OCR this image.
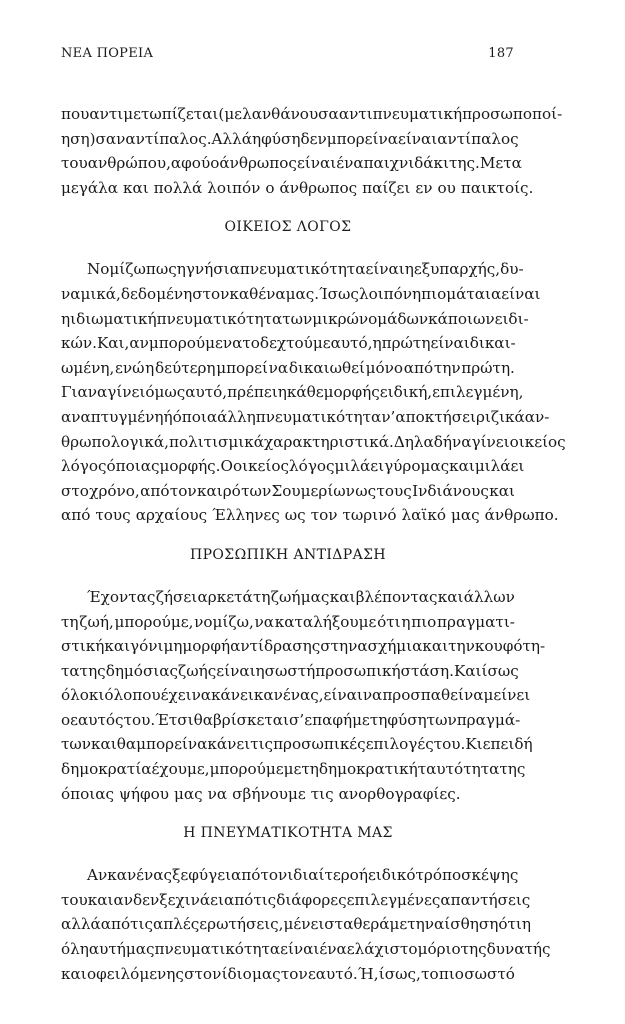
ΝΕΑ ΠΟΡΕΙΑ	187
που αντιμετωπίζεται (με λανθάνουσα αντιπνευματική προσωποποί-
ηση) σαν αντίπαλος. Αλλά η φύση δεν μπορεί να είναι αντίπαλος
του ανθρώπου, αφού ο άνθρωπος είναι ένα παιχνιδάκι της. Με τα
μεγάλα και πολλά λοιπόν ο άνθρωπος παίζει εν ου παικτοίς.
ΟΙΚΕΙΟΣ ΛΟΓΟΣ
Νομίζω πως η γνήσια πνευματικότητα είναι η εξ υπαρχής, δυ-
ναμικά, δεδομένη στον καθένα μας. Ίσως λοιπόν η πιο μάταια είναι
η ιδιωματική πνευματικότητα των μικρών ομάδων κάποιων ειδι-
κών. Και, αν μπορούμε να το δεχτούμε αυτό, η πρώτη είναι δικαι-
ωμένη, ενώ η δεύτερη μπορεί να δικαιωθεί μόνο από την πρώτη.
Για να γίνει όμως αυτό, πρέπει η κάθε μορφής ειδική, επιλεγμένη,
αναπτυγμένη ή όποια άλλη πνευματικότητα ν’ αποκτήσει ριζικά αν-
θρωπολογικά, πολιτισμικά χαρακτηριστικά. Δηλαδή να γίνει οικείος
λόγος όποιας μορφής. Ο οικείος λόγος μιλάει γύρο μας και μιλάει
στο χρόνο, από τον καιρό των Σουμερίων ως τους Ινδιάνους και
από τους αρχαίους Έλληνες ως τον τωρινό λαϊκό μας άνθρωπο.
ΠΡΟΣΩΠΙΚΗ ΑΝΤΙΔΡΑΣΗ
Έχοντας ζήσει αρκετά τη ζωή μας και βλέποντας και άλλων
τη ζωή, μπορούμε, νομίζω, να καταλήξουμε ότι η πιο πραγματι-
στική και γόνιμη μορφή αντίδρασης στην ασχήμια και την κουφότη-
τα της δημόσιας ζωής είναι η σωστή προσωπική στάση. Και ίσως
όλο κι όλο που έχει να κάνει κανένας, είναι να προσπαθεί να μείνει
ο εαυτός του. Έτσι θα βρίσκεται σ’ επαφή με τη φύση των πραγμά-
των και θα μπορεί να κάνει τις προσωπικές επιλογές του. Κι επειδή
δημοκρατία έχουμε, μπορούμε με τη δημοκρατική ταυτότητα της
όποιας ψήφου μας να σβήνουμε τις ανορθογραφίες.
Η ΠΝΕΥΜΑΤΙΚΟΤΗΤΑ ΜΑΣ
Αν κανένας ξεφύγει από τον ιδιαίτερο ή ειδικό τρόπο σκέψης
του και αν δεν ξεχινάει από τις διάφορες επιλεγμένες απαντήσεις
αλλά από τις απλές ερωτήσεις, μένει σταθερά με την αίσθηση ότι η
όλη αυτή μας πνευματικότητα είναι ένα ελάχιστο μόριο της δυνατής
και οφειλόμενης στον ίδιο μας τον εαυτό. Ή, ίσως, το πιο σωστό
